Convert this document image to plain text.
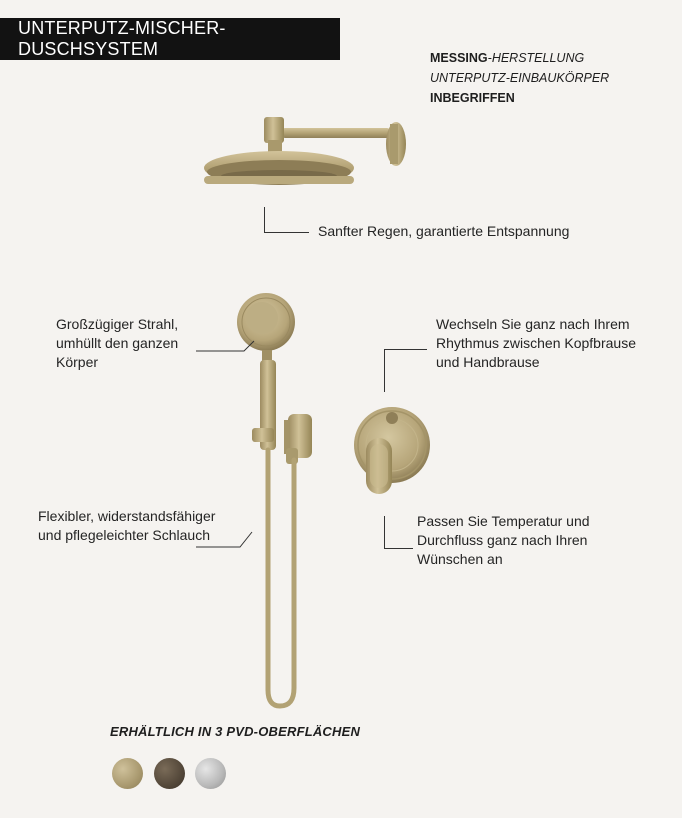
UNTERPUTZ-MISCHER-DUSCHSYSTEM	MESSING-HERSTELLUNG
UNTERPUTZ-EINBAUKÖRPER
INBEGRIFFEN
Sanfter Regen, garantierte Entspannung
Großzügiger Strahl,
umhüllt den ganzen
Körper
Wechseln Sie ganz nach Ihrem
Rhythmus zwischen Kopfbrause
und Handbrause
Flexibler, widerstandsfähiger
und pflegeleichter Schlauch
Passen Sie Temperatur und
Durchfluss ganz nach Ihren
Wünschen an
ERHÄLTLICH IN 3 PVD-OBERFLÄCHEN
